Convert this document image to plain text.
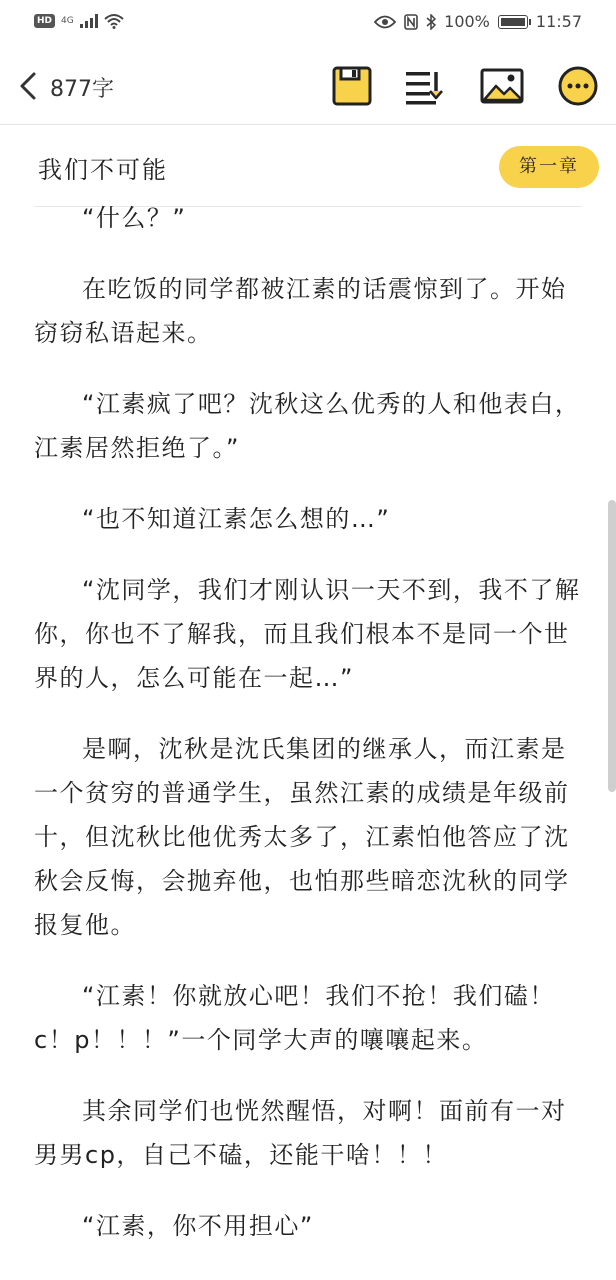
HD	4G	100%	11:57
877字
我们不可能	第一章

“什么？”

在吃饭的同学都被江素的话震惊到了。开始窃窃私语起来。

“江素疯了吧？沈秋这么优秀的人和他表白，江素居然拒绝了。”

“也不知道江素怎么想的…”

“沈同学，我们才刚认识一天不到，我不了解你，你也不了解我，而且我们根本不是同一个世界的人，怎么可能在一起…”

是啊，沈秋是沈氏集团的继承人，而江素是一个贫穷的普通学生，虽然江素的成绩是年级前十，但沈秋比他优秀太多了，江素怕他答应了沈秋会反悔，会抛弃他，也怕那些暗恋沈秋的同学报复他。

“江素！你就放心吧！我们不抢！我们磕！c！p！！！”一个同学大声的嚷嚷起来。

其余同学们也恍然醒悟，对啊！面前有一对男男cp，自己不磕，还能干啥！！！

“江素，你不用担心”
